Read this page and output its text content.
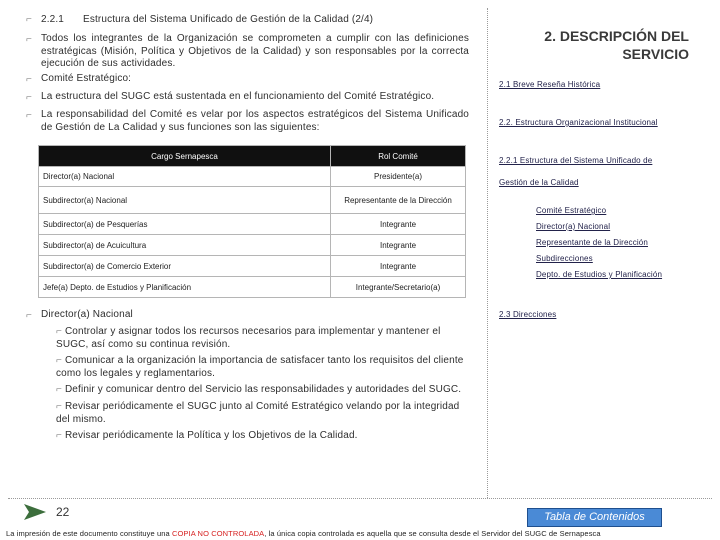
⌐ 2.2.1 Estructura del Sistema Unificado de Gestión de la Calidad (2/4)
⌐ Todos los integrantes de la Organización se comprometen a cumplir con las definiciones estratégicas (Misión, Política y Objetivos de la Calidad) y son responsables por la correcta ejecución de sus actividades.
⌐ Comité Estratégico:
⌐ La estructura del SUGC está sustentada en el funcionamiento del Comité Estratégico.
⌐ La responsabilidad del Comité es velar por los aspectos estratégicos del Sistema Unificado de Gestión de La Calidad y sus funciones son las siguientes:
Cargo Sernapesca	Rol Comité
Director(a) Nacional	Presidente(a)
Subdirector(a) Nacional	Representante de la Dirección
Subdirector(a) de Pesquerías	Integrante
Subdirector(a) de Acuicultura	Integrante
Subdirector(a) de Comercio Exterior	Integrante
Jefe(a) Depto. de Estudios y Planificación	Integrante/Secretario(a)
⌐ Director(a) Nacional
⌐ Controlar y asignar todos los recursos necesarios para implementar y mantener el SUGC, así como su continua revisión.
⌐ Comunicar a la organización la importancia de satisfacer tanto los requisitos del cliente como los legales y reglamentarios.
⌐ Definir y comunicar dentro del Servicio las responsabilidades y autoridades del SUGC.
⌐ Revisar periódicamente el SUGC junto al Comité Estratégico velando por la integridad del mismo.
⌐ Revisar periódicamente la Política y los Objetivos de la Calidad.
2. DESCRIPCIÓN DEL
SERVICIO
2.1 Breve Reseña Histórica
2.2. Estructura Organizacional Institucional
2.2.1 Estructura del Sistema Unificado de
Gestión de la Calidad
Comité Estratégico
Director(a) Nacional
Representante de la Dirección
Subdirecciones
Depto. de Estudios y Planificación
2.3 Direcciones
22	Tabla de Contenidos
La impresión de este documento constituye una COPIA NO CONTROLADA, la única copia controlada es aquella que se consulta desde el Servidor del SUGC de Sernapesca
